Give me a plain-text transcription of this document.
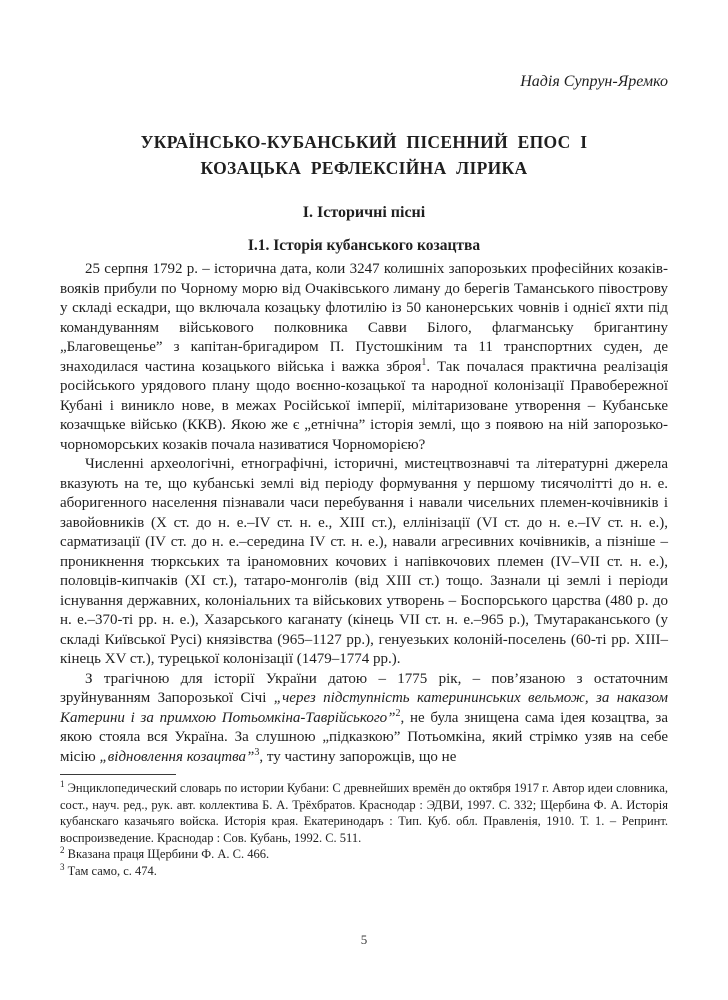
Надія Супрун-Яремко
УКРАЇНСЬКО-КУБАНСЬКИЙ ПІСЕННИЙ ЕПОС І
КОЗАЦЬКА РЕФЛЕКСІЙНА ЛІРИКА
I. Історичні пісні
I.1. Історія кубанського козацтва

25 серпня 1792 р. – історична дата, коли 3247 колишніх запорозьких професійних козаків-вояків прибули по Чорному морю від Очаківського лиману до берегів Таманського півострову у складі ескадри, що включала козацьку флотилію із 50 канонерських човнів і однієї яхти під командуванням військового полковника Савви Білого, флагманську бригантину „Благовещенье” з капітан-бригадиром П. Пустошкіним та 11 транспортних суден, де знаходилася частина козацького війська і важка зброя$^1$. Так почалася практична реалізація російського урядового плану щодо воєнно-козацької та народної колонізації Правобережної Кубані і виникло нове, в межах Російської імперії, мілітаризоване утворення – Кубанське козачщьке військо (ККВ). Якою же є „етнічна” історія землі, що з появою на ній запорозько-чорноморських козаків почала називатися Чорноморією?

Численні археологічні, етнографічні, історичні, мистецтвознавчі та літературні джерела вказують на те, що кубанські землі від періоду формування у першому тисячолітті до н. е. аборигенного населення пізнавали часи перебування і навали чисельних племен-кочівників і завойовників (X ст. до н. е.–IV ст. н. е., XIII ст.), еллінізації (VI ст. до н. е.–IV ст. н. е.), сарматизації (IV ст. до н. е.–середина IV ст. н. е.), навали агресивних кочівників, а пізніше – проникнення тюркських та іраномовних кочових і напівкочових племен (IV–VII ст. н. е.), половців-кипчаків (XI ст.), татаро-монголів (від XIII ст.) тощо. Зазнали ці землі і періоди існування державних, колоніальних та військових утворень – Боспорського царства (480 р. до н. е.–370-ті рр. н. е.), Хазарського каганату (кінець VII ст. н. е.–965 р.), Тмутараканського (у складі Київської Русі) князівства (965–1127 рр.), генуезьких колоній-поселень (60-ті рр. XIII–кінець XV ст.), турецької колонізації (1479–1774 рр.).

З трагічною для історії України датою – 1775 рік, – пов’язаною з остаточним зруйнуванням Запорозької Січі „через підступність катерининських вельмож, за наказом Катерини і за примхою Потьомкіна-Таврійського”$^2$, не була знищена сама ідея козацтва, за якою стояла вся Україна. За слушною „підказкою” Потьомкіна, який стрімко узяв на себе місію „відновлення козацтва”$^3$, ту частину запорожців, що не

$^1$ Энциклопедический словарь по истории Кубани: С древнейших времён до октября 1917 г. Автор идеи словника, сост., науч. ред., рук. авт. коллектива Б. А. Трёхбратов. Краснодар : ЭДВИ, 1997. С. 332; Щербина Ф. А. Исторія кубанскаго казачьяго войска. Исторія края. Екатеринодаръ : Тип. Куб. обл. Правленія, 1910. Т. 1. – Репринт. воспроизведение. Краснодар : Сов. Кубань, 1992. С. 511.

$^2$ Вказана праця Щербини Ф. А. С. 466.

$^3$ Там само, с. 474.

5
